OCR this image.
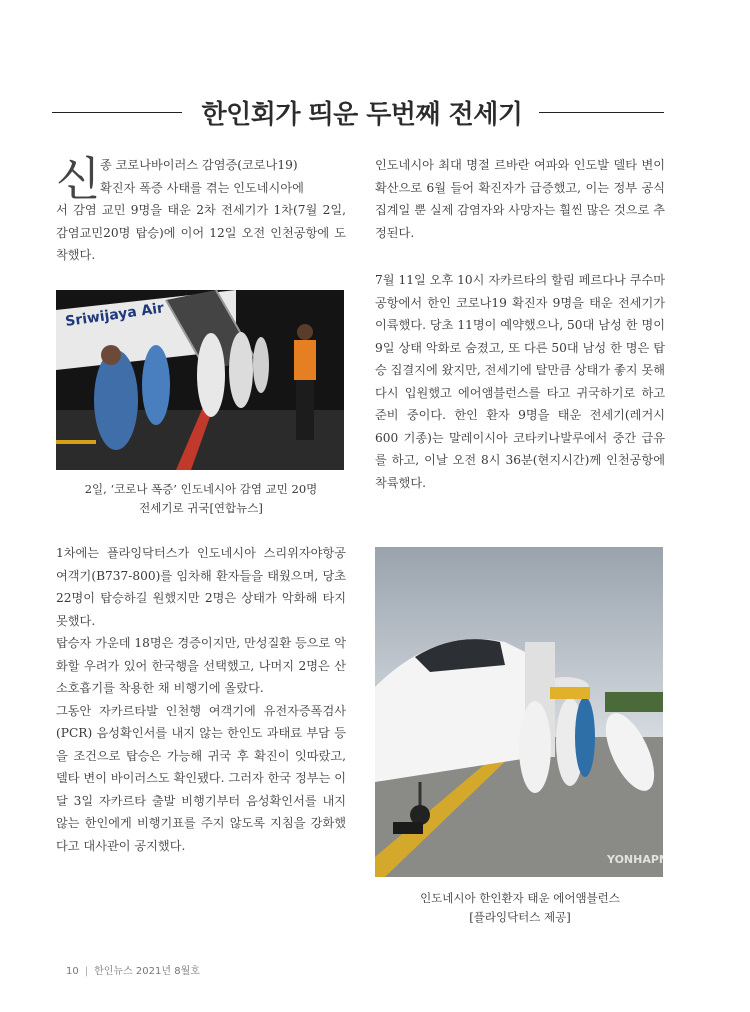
한인회가 띄운 두번째 전세기
신 종 코로나바이러스 감염증(코로나19)

확진자 폭증 사태를 겪는 인도네시아에

서 감염 교민 9명을 태운 2차 전세기가 1차(7월 2일, 감염교민20명 탑승)에 이어 12일 오전 인천공항에 도착했다.

Sriwijaya Air
2일, ‘코로나 폭증’ 인도네시아 감염 교민 20명
전세기로 귀국[연합뉴스]

1차에는 플라잉닥터스가 인도네시아 스리위자야항공 여객기(B737-800)를 임차해 환자들을 태웠으며, 당초 22명이 탑승하길 원했지만 2명은 상태가 악화해 타지 못했다.

탑승자 가운데 18명은 경증이지만, 만성질환 등으로 악화할 우려가 있어 한국행을 선택했고, 나머지 2명은 산소호흡기를 착용한 채 비행기에 올랐다.

그동안 자카르타발 인천행 여객기에 유전자증폭검사(PCR) 음성확인서를 내지 않는 한인도 과태료 부담 등을 조건으로 탑승은 가능해 귀국 후 확진이 잇따랐고, 델타 변이 바이러스도 확인됐다. 그러자 한국 정부는 이달 3일 자카르타 출발 비행기부터 음성확인서를 내지 않는 한인에게 비행기표를 주지 않도록 지침을 강화했다고 대사관이 공지했다.

인도네시아 최대 명절 르바란 여파와 인도발 델타 변이 확산으로 6월 들어 확진자가 급증했고, 이는 정부 공식 집계일 뿐 실제 감염자와 사망자는 훨씬 많은 것으로 추정된다.
7월 11일 오후 10시 자카르타의 할림 페르다나 쿠수마 공항에서 한인 코로나19 확진자 9명을 태운 전세기가 이륙했다. 당초 11명이 예약했으나, 50대 남성 한 명이 9일 상태 악화로 숨졌고, 또 다른 50대 남성 한 명은 탑승 집결지에 왔지만, 전세기에 탈만큼 상태가 좋지 못해 다시 입원했고 에어앰블런스를 타고 귀국하기로 하고 준비 중이다. 한인 환자 9명을 태운 전세기(레거시 600 기종)는 말레이시아 코타키나발루에서 중간 급유를 하고, 이날 오전 8시 36분(현지시간)께 인천공항에 착륙했다.
YONHAPNEWS
인도네시아 한인환자 태운 에어앰블런스
[플라잉닥터스 제공]
10 | 한인뉴스 2021년 8월호
